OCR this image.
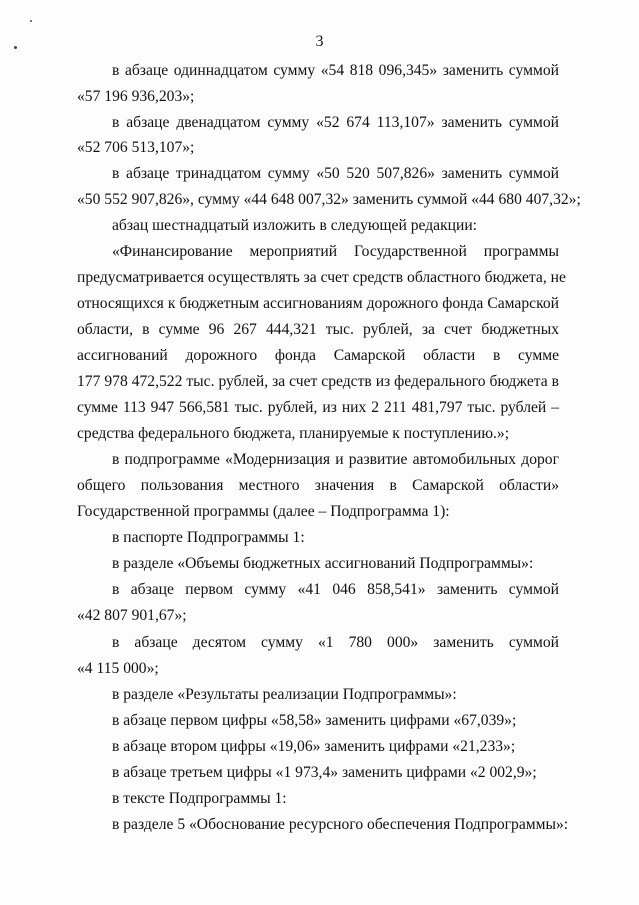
3
в абзаце одиннадцатом сумму «54 818 096,345» заменить суммой
«57 196 936,203»;
в абзаце двенадцатом сумму «52 674 113,107» заменить суммой
«52 706 513,107»;
в абзаце тринадцатом сумму «50 520 507,826» заменить суммой
«50 552 907,826», сумму «44 648 007,32» заменить суммой «44 680 407,32»;
абзац шестнадцатый изложить в следующей редакции:
«Финансирование мероприятий Государственной программы
предусматривается осуществлять за счет средств областного бюджета, не
относящихся к бюджетным ассигнованиям дорожного фонда Самарской
области, в сумме 96 267 444,321 тыс. рублей, за счет бюджетных
ассигнований дорожного фонда Самарской области в сумме
177 978 472,522 тыс. рублей, за счет средств из федерального бюджета в
сумме 113 947 566,581 тыс. рублей, из них 2 211 481,797 тыс. рублей –
средства федерального бюджета, планируемые к поступлению.»;
в подпрограмме «Модернизация и развитие автомобильных дорог
общего пользования местного значения в Самарской области»
Государственной программы (далее – Подпрограмма 1):
в паспорте Подпрограммы 1:
в разделе «Объемы бюджетных ассигнований Подпрограммы»:
в абзаце первом сумму «41 046 858,541» заменить суммой
«42 807 901,67»;
в абзаце десятом сумму «1 780 000» заменить суммой
«4 115 000»;
в разделе «Результаты реализации Подпрограммы»:
в абзаце первом цифры «58,58» заменить цифрами «67,039»;
в абзаце втором цифры «19,06» заменить цифрами «21,233»;
в абзаце третьем цифры «1 973,4» заменить цифрами «2 002,9»;
в тексте Подпрограммы 1:
в разделе 5 «Обоснование ресурсного обеспечения Подпрограммы»:
